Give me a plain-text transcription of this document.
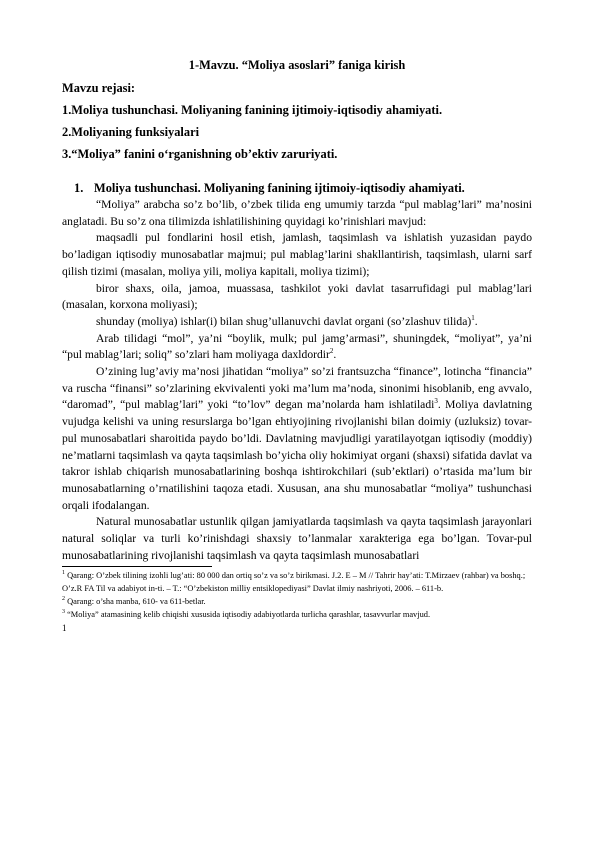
1-Mavzu. “Moliya asoslari” faniga kirish

Mavzu rejasi:

1.Moliya tushunchasi. Moliyaning fanining ijtimoiy-iqtisodiy ahamiyati.

2.Moliyaning funksiyalari

3.“Moliya” fanini o‘rganishning ob’ektiv zaruriyati.

1. Moliya tushunchasi. Moliyaning fanining ijtimoiy-iqtisodiy ahamiyati.

“Moliya” arabcha so’z bo’lib, o’zbek tilida eng umumiy tarzda “pul mablag’lari” ma’nosini anglatadi. Bu so’z ona tilimizda ishlatilishining quyidagi ko’rinishlari mavjud:

maqsadli pul fondlarini hosil etish, jamlash, taqsimlash va ishlatish yuzasidan paydo bo’ladigan iqtisodiy munosabatlar majmui; pul mablag’larini shakllantirish, taqsimlash, ularni sarf qilish tizimi (masalan, moliya yili, moliya kapitali, moliya tizimi);

biror shaxs, oila, jamoa, muassasa, tashkilot yoki davlat tasarrufidagi pul mablag’lari (masalan, korxona moliyasi);

shunday (moliya) ishlar(i) bilan shug’ullanuvchi davlat organi (so’zlashuv tilida)$^1$.

Arab tilidagi “mol”, ya’ni “boylik, mulk; pul jamg’armasi”, shuningdek, “moliyat”, ya’ni “pul mablag’lari; soliq” so’zlari ham moliyaga daxldordir$^2$.

O’zining lug’aviy ma’nosi jihatidan “moliya” so’zi frantsuzcha “finance”, lotincha “financia” va ruscha “finansi” so’zlarining ekvivalenti yoki ma’lum ma’noda, sinonimi hisoblanib, eng avvalo, “daromad”, “pul mablag’lari” yoki “to’lov” degan ma’nolarda ham ishlatiladi$^3$. Moliya davlatning vujudga kelishi va uning resurslarga bo’lgan ehtiyojining rivojlanishi bilan doimiy (uzluksiz) tovar-pul munosabatlari sharoitida paydo bo’ldi. Davlatning mavjudligi yaratilayotgan iqtisodiy (moddiy) ne’matlarni taqsimlash va qayta taqsimlash bo’yicha oliy hokimiyat organi (shaxsi) sifatida davlat va takror ishlab chiqarish munosabatlarining boshqa ishtirokchilari (sub’ektlari) o’rtasida ma’lum bir munosabatlarning o’rnatilishini taqoza etadi. Xususan, ana shu munosabatlar “moliya” tushunchasi orqali ifodalangan.

Natural munosabatlar ustunlik qilgan jamiyatlarda taqsimlash va qayta taqsimlash jarayonlari natural soliqlar va turli ko’rinishdagi shaxsiy to’lanmalar xarakteriga ega bo’lgan. Tovar-pul munosabatlarining rivojlanishi taqsimlash va qayta taqsimlash munosabatlari

$^1$ Qarang: O’zbek tilining izohli lug’ati: 80 000 dan ortiq so’z va so’z birikmasi. J.2. E – M // Tahrir hay’ati: T.Mirzaev (rahbar) va boshq.; O’z.R FA Til va adabiyot in-ti. – T.: “O’zbekiston milliy entsiklopediyasi” Davlat ilmiy nashriyoti, 2006. – 611-b.

$^2$ Qarang: o’sha manba, 610- va 611-betlar.

$^3$ “Moliya” atamasining kelib chiqishi xususida iqtisodiy adabiyotlarda turlicha qarashlar, tasavvurlar mavjud.

1
